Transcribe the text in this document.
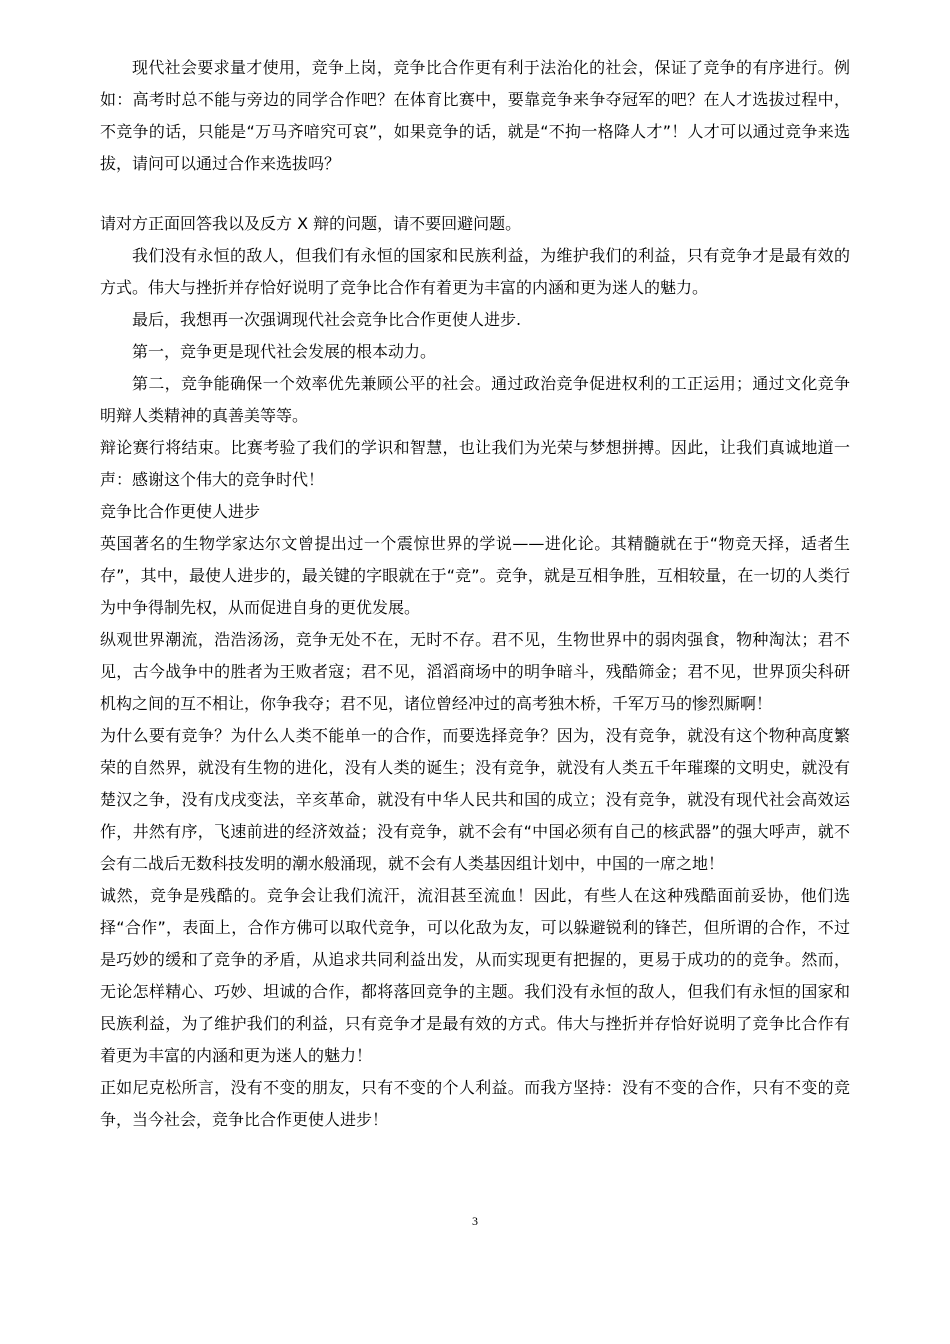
现代社会要求量才使用，竞争上岗，竞争比合作更有利于法治化的社会，保证了竞争的有序进行。例如：高考时总不能与旁边的同学合作吧？在体育比赛中，要靠竞争来争夺冠军的吧？在人才选拔过程中，不竞争的话，只能是“万马齐喑究可哀”，如果竞争的话，就是“不拘一格降人才”！人才可以通过竞争来选拔，请问可以通过合作来选拔吗？

请对方正面回答我以及反方 X 辩的问题，请不要回避问题。

我们没有永恒的敌人，但我们有永恒的国家和民族利益，为维护我们的利益，只有竞争才是最有效的方式。伟大与挫折并存恰好说明了竞争比合作有着更为丰富的内涵和更为迷人的魅力。

最后，我想再一次强调现代社会竞争比合作更使人进步.

第一，竞争更是现代社会发展的根本动力。

第二，竞争能确保一个效率优先兼顾公平的社会。通过政治竞争促进权利的工正运用；通过文化竞争明辩人类精神的真善美等等。

辩论赛行将结束。比赛考验了我们的学识和智慧，也让我们为光荣与梦想拼搏。因此，让我们真诚地道一声：感谢这个伟大的竞争时代！

竞争比合作更使人进步

英国著名的生物学家达尔文曾提出过一个震惊世界的学说——进化论。其精髓就在于“物竞天择，适者生存”，其中，最使人进步的，最关键的字眼就在于“竞”。竞争，就是互相争胜，互相较量，在一切的人类行为中争得制先权，从而促进自身的更优发展。

纵观世界潮流，浩浩汤汤，竞争无处不在，无时不存。君不见，生物世界中的弱肉强食，物种淘汰；君不见，古今战争中的胜者为王败者寇；君不见，滔滔商场中的明争暗斗，残酷筛金；君不见，世界顶尖科研机构之间的互不相让，你争我夺；君不见，诸位曾经冲过的高考独木桥，千军万马的惨烈厮啊！

为什么要有竞争？为什么人类不能单一的合作，而要选择竞争？因为，没有竞争，就没有这个物种高度繁荣的自然界，就没有生物的进化，没有人类的诞生；没有竞争，就没有人类五千年璀璨的文明史，就没有楚汉之争，没有戊戌变法，辛亥革命，就没有中华人民共和国的成立；没有竞争，就没有现代社会高效运作，井然有序，飞速前进的经济效益；没有竞争，就不会有“中国必须有自己的核武器”的强大呼声，就不会有二战后无数科技发明的潮水般涌现，就不会有人类基因组计划中，中国的一席之地！

诚然，竞争是残酷的。竞争会让我们流汗，流泪甚至流血！因此，有些人在这种残酷面前妥协，他们选择“合作”，表面上，合作方佛可以取代竞争，可以化敌为友，可以躲避锐利的锋芒，但所谓的合作，不过是巧妙的缓和了竞争的矛盾，从追求共同利益出发，从而实现更有把握的，更易于成功的的竞争。然而，无论怎样精心、巧妙、坦诚的合作，都将落回竞争的主题。我们没有永恒的敌人，但我们有永恒的国家和民族利益，为了维护我们的利益，只有竞争才是最有效的方式。伟大与挫折并存恰好说明了竞争比合作有着更为丰富的内涵和更为迷人的魅力！

正如尼克松所言，没有不变的朋友，只有不变的个人利益。而我方坚持：没有不变的合作，只有不变的竞争，当今社会，竞争比合作更使人进步！

3
